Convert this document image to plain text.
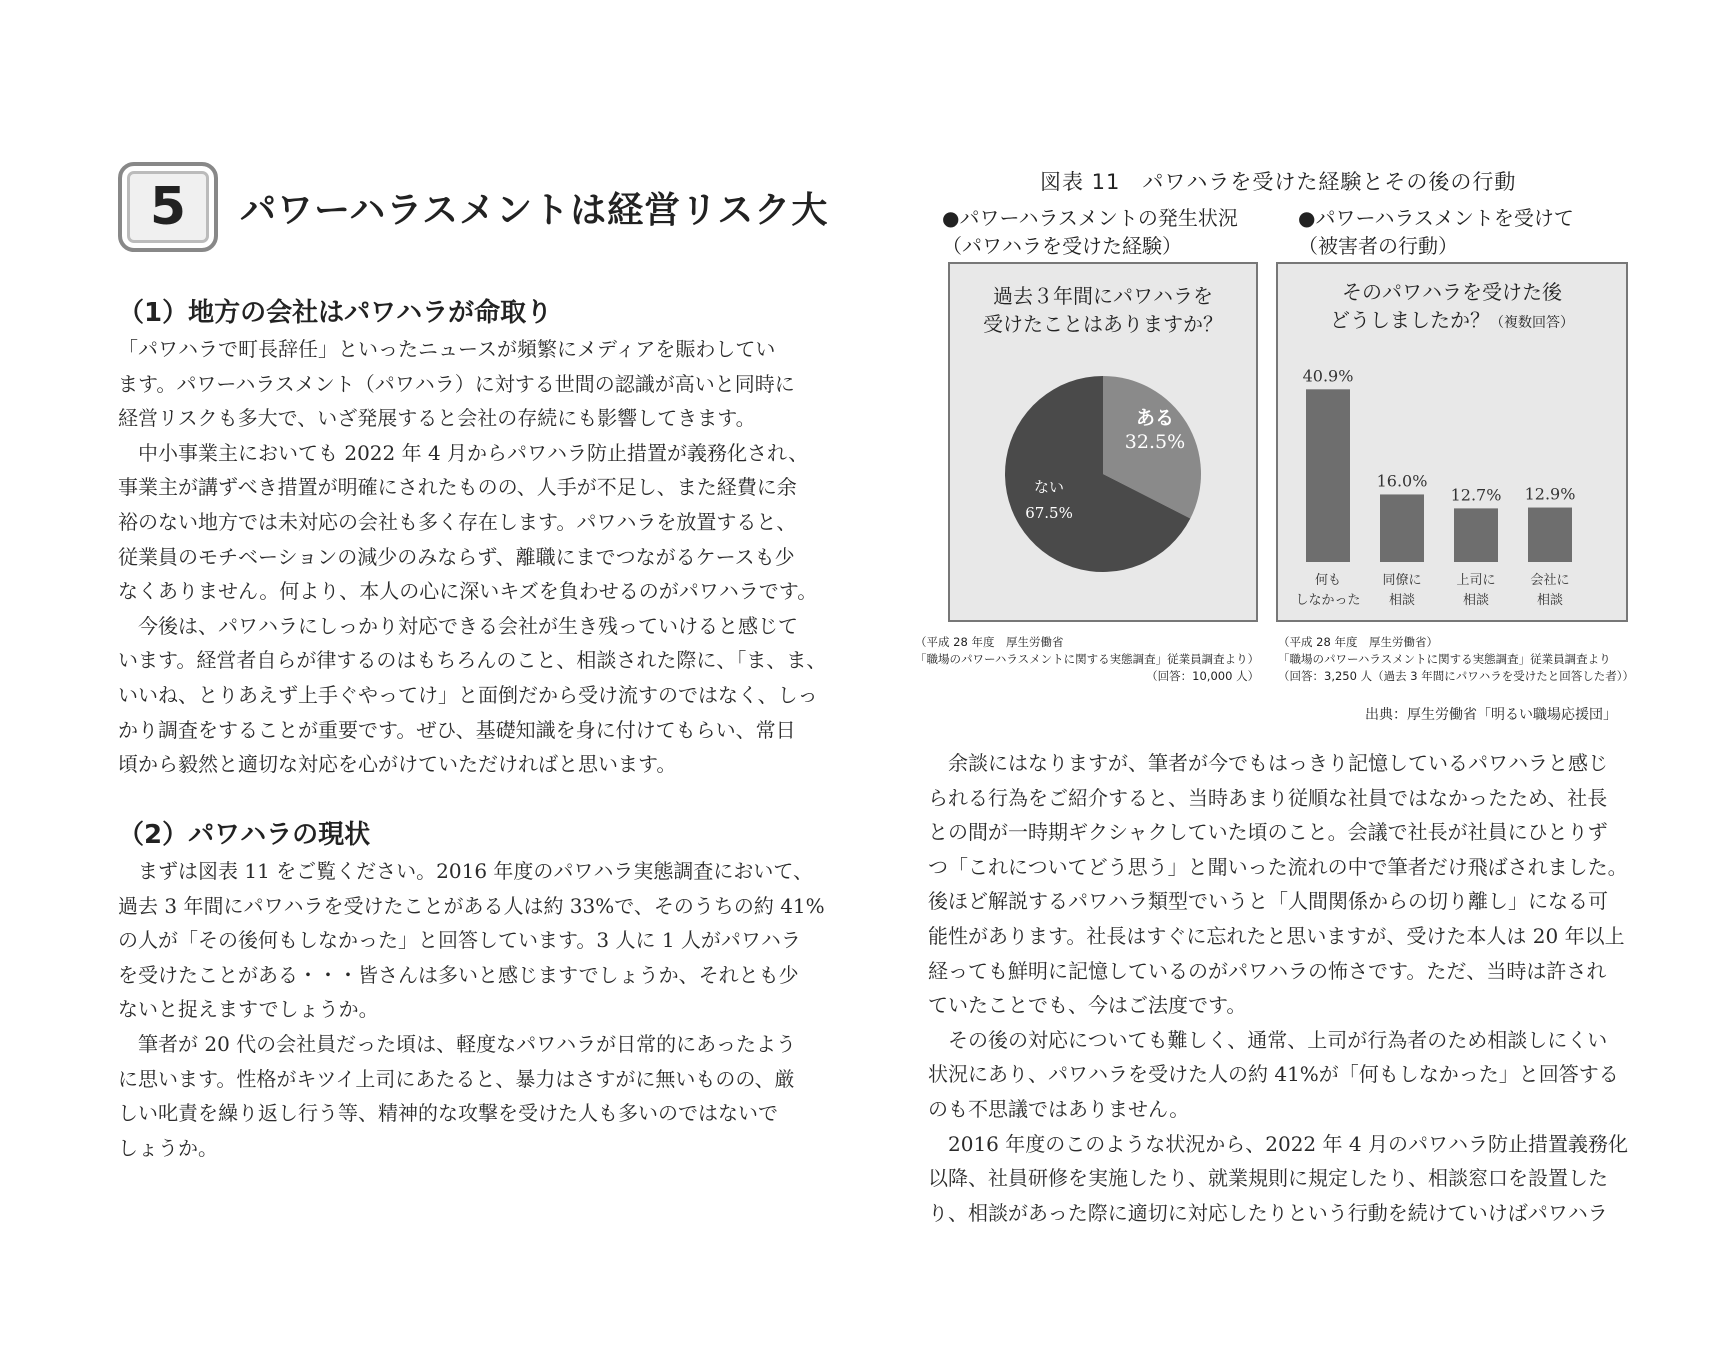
5	パワーハラスメントは経営リスク大
（1）地方の会社はパワハラが命取り
「パワハラで町長辞任」といったニュースが頻繁にメディアを賑わしてい
ます。パワーハラスメント（パワハラ）に対する世間の認識が高いと同時に
経営リスクも多大で、いざ発展すると会社の存続にも影響してきます。
　中小事業主においても 2022 年 4 月からパワハラ防止措置が義務化され、
事業主が講ずべき措置が明確にされたものの、人手が不足し、また経費に余
裕のない地方では未対応の会社も多く存在します。パワハラを放置すると、
従業員のモチベーションの減少のみならず、離職にまでつながるケースも少
なくありません。何より、本人の心に深いキズを負わせるのがパワハラです。
　今後は、パワハラにしっかり対応できる会社が生き残っていけると感じて
います。経営者自らが律するのはもちろんのこと、相談された際に、「ま、ま、
いいね、とりあえず上手ぐやってけ」と面倒だから受け流すのではなく、しっ
かり調査をすることが重要です。ぜひ、基礎知識を身に付けてもらい、常日
頃から毅然と適切な対応を心がけていただければと思います。
（2）パワハラの現状
　まずは図表 11 をご覧ください。2016 年度のパワハラ実態調査において、
過去 3 年間にパワハラを受けたことがある人は約 33%で、そのうちの約 41%
の人が「その後何もしなかった」と回答しています。3 人に 1 人がパワハラ
を受けたことがある・・・皆さんは多いと感じますでしょうか、それとも少
ないと捉えますでしょうか。
　筆者が 20 代の会社員だった頃は、軽度なパワハラが日常的にあったよう
に思います。性格がキツイ上司にあたると、暴力はさすがに無いものの、厳
しい叱責を繰り返し行う等、精神的な攻撃を受けた人も多いのではないで
しょうか。
図表 11　パワハラを受けた経験とその後の行動
●パワーハラスメントの発生状況
（パワハラを受けた経験）
●パワーハラスメントを受けて
（被害者の行動）
過去３年間にパワハラを
受けたことはありますか？
ある
32.5%
ない
67.5%
そのパワハラを受けた後
どうしましたか？（複数回答）
40.9%
何も
しなかった
16.0%
同僚に
相談
12.7%
上司に
相談
12.9%
会社に
相談
（平成 28 年度　厚生労働省
「職場のパワーハラスメントに関する実態調査」従業員調査より）
（回答：10,000 人）
（平成 28 年度　厚生労働省）
「職場のパワーハラスメントに関する実態調査」従業員調査より
（回答：3,250 人（過去 3 年間にパワハラを受けたと回答した者））
出典：厚生労働省「明るい職場応援団」
　余談にはなりますが、筆者が今でもはっきり記憶しているパワハラと感じ
られる行為をご紹介すると、当時あまり従順な社員ではなかったため、社長
との間が一時期ギクシャクしていた頃のこと。会議で社長が社員にひとりず
つ「これについてどう思う」と聞いった流れの中で筆者だけ飛ばされました。
後ほど解説するパワハラ類型でいうと「人間関係からの切り離し」になる可
能性があります。社長はすぐに忘れたと思いますが、受けた本人は 20 年以上
経っても鮮明に記憶しているのがパワハラの怖さです。ただ、当時は許され
ていたことでも、今はご法度です。
　その後の対応についても難しく、通常、上司が行為者のため相談しにくい
状況にあり、パワハラを受けた人の約 41%が「何もしなかった」と回答する
のも不思議ではありません。
　2016 年度のこのような状況から、2022 年 4 月のパワハラ防止措置義務化
以降、社員研修を実施したり、就業規則に規定したり、相談窓口を設置した
り、相談があった際に適切に対応したりという行動を続けていけばパワハラ
